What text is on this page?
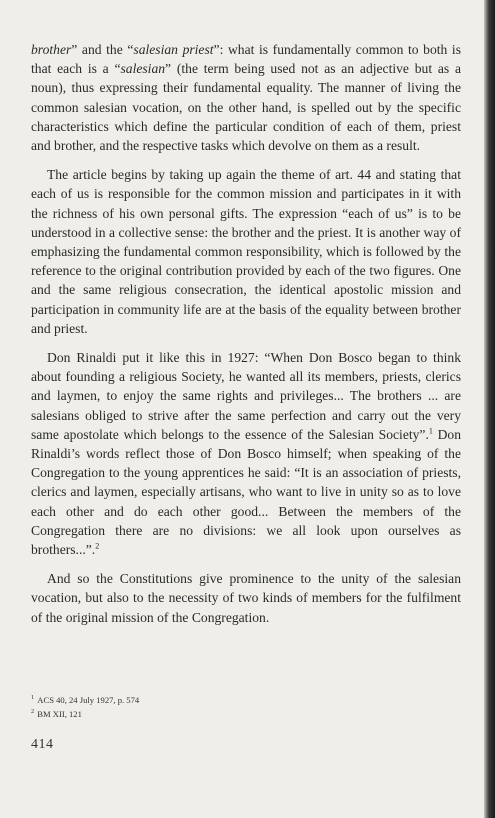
brother” and the “salesian priest”: what is fundamentally common to both is that each is a “salesian” (the term being used not as an adjective but as a noun), thus expressing their fundamental equality. The manner of living the common salesian vocation, on the other hand, is spelled out by the specific characteristics which define the particular condition of each of them, priest and brother, and the respective tasks which devolve on them as a result.

The article begins by taking up again the theme of art. 44 and stating that each of us is responsible for the common mission and participates in it with the richness of his own personal gifts. The expression “each of us” is to be understood in a collective sense: the brother and the priest. It is another way of emphasizing the fundamental common responsibility, which is followed by the reference to the original contribution provided by each of the two figures. One and the same religious consecration, the identical apostolic mission and participation in community life are at the basis of the equality between brother and priest.

Don Rinaldi put it like this in 1927: “When Don Bosco began to think about founding a religious Society, he wanted all its members, priests, clerics and laymen, to enjoy the same rights and privileges... The brothers ... are salesians obliged to strive after the same perfection and carry out the very same apostolate which belongs to the essence of the Salesian Society”.$^1$ Don Rinaldi’s words reflect those of Don Bosco himself; when speaking of the Congregation to the young apprentices he said: “It is an association of priests, clerics and laymen, especially artisans, who want to live in unity so as to love each other and do each other good... Between the members of the Congregation there are no divisions: we all look upon ourselves as brothers...”.$^2$

And so the Constitutions give prominence to the unity of the salesian vocation, but also to the necessity of two kinds of members for the fulfilment of the original mission of the Congregation.

$^1$ ACS 40, 24 July 1927, p. 574
$^2$ BM XII, 121
414
